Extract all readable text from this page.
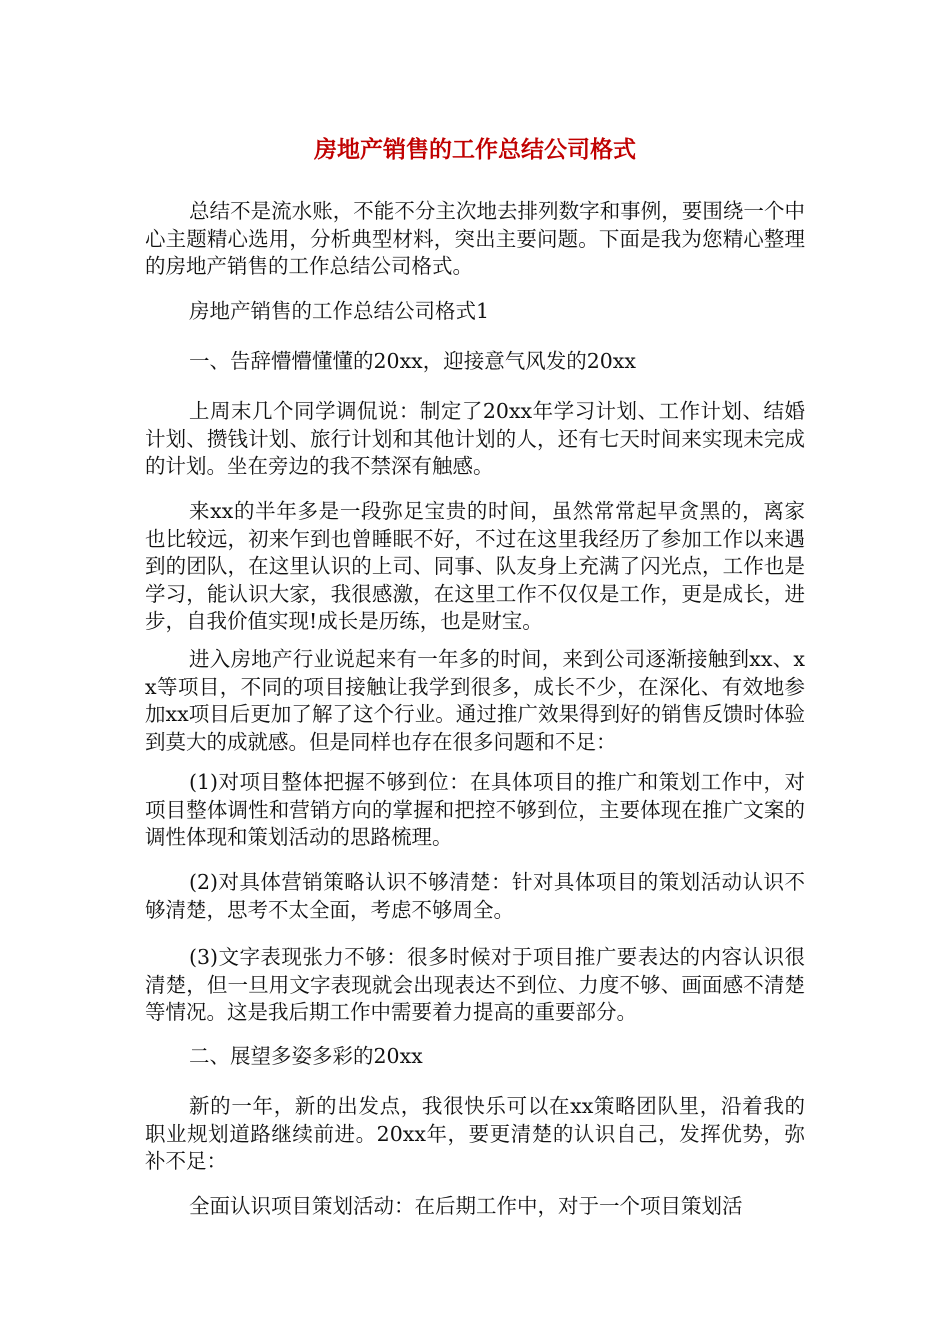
房地产销售的工作总结公司格式

总结不是流水账，不能不分主次地去排列数字和事例，要围绕一个中心主题精心选用，分析典型材料，突出主要问题。下面是我为您精心整理的房地产销售的工作总结公司格式。

房地产销售的工作总结公司格式1

一、告辞懵懵懂懂的20xx，迎接意气风发的20xx

上周末几个同学调侃说：制定了20xx年学习计划、工作计划、结婚计划、攒钱计划、旅行计划和其他计划的人，还有七天时间来实现未完成的计划。坐在旁边的我不禁深有触感。

来xx的半年多是一段弥足宝贵的时间，虽然常常起早贪黑的，离家也比较远，初来乍到也曾睡眠不好，不过在这里我经历了参加工作以来遇到的团队，在这里认识的上司、同事、队友身上充满了闪光点，工作也是学习，能认识大家，我很感激，在这里工作不仅仅是工作，更是成长，进步，自我价值实现!成长是历练，也是财宝。

进入房地产行业说起来有一年多的时间，来到公司逐渐接触到xx、xx等项目，不同的项目接触让我学到很多，成长不少，在深化、有效地参加xx项目后更加了解了这个行业。通过推广效果得到好的销售反馈时体验到莫大的成就感。但是同样也存在很多问题和不足：

(1)对项目整体把握不够到位：在具体项目的推广和策划工作中，对项目整体调性和营销方向的掌握和把控不够到位，主要体现在推广文案的调性体现和策划活动的思路梳理。

(2)对具体营销策略认识不够清楚：针对具体项目的策划活动认识不够清楚，思考不太全面，考虑不够周全。

(3)文字表现张力不够：很多时候对于项目推广要表达的内容认识很清楚，但一旦用文字表现就会出现表达不到位、力度不够、画面感不清楚等情况。这是我后期工作中需要着力提高的重要部分。

二、展望多姿多彩的20xx

新的一年，新的出发点，我很快乐可以在xx策略团队里，沿着我的职业规划道路继续前进。20xx年，要更清楚的认识自己，发挥优势，弥补不足：

全面认识项目策划活动：在后期工作中，对于一个项目策划活
